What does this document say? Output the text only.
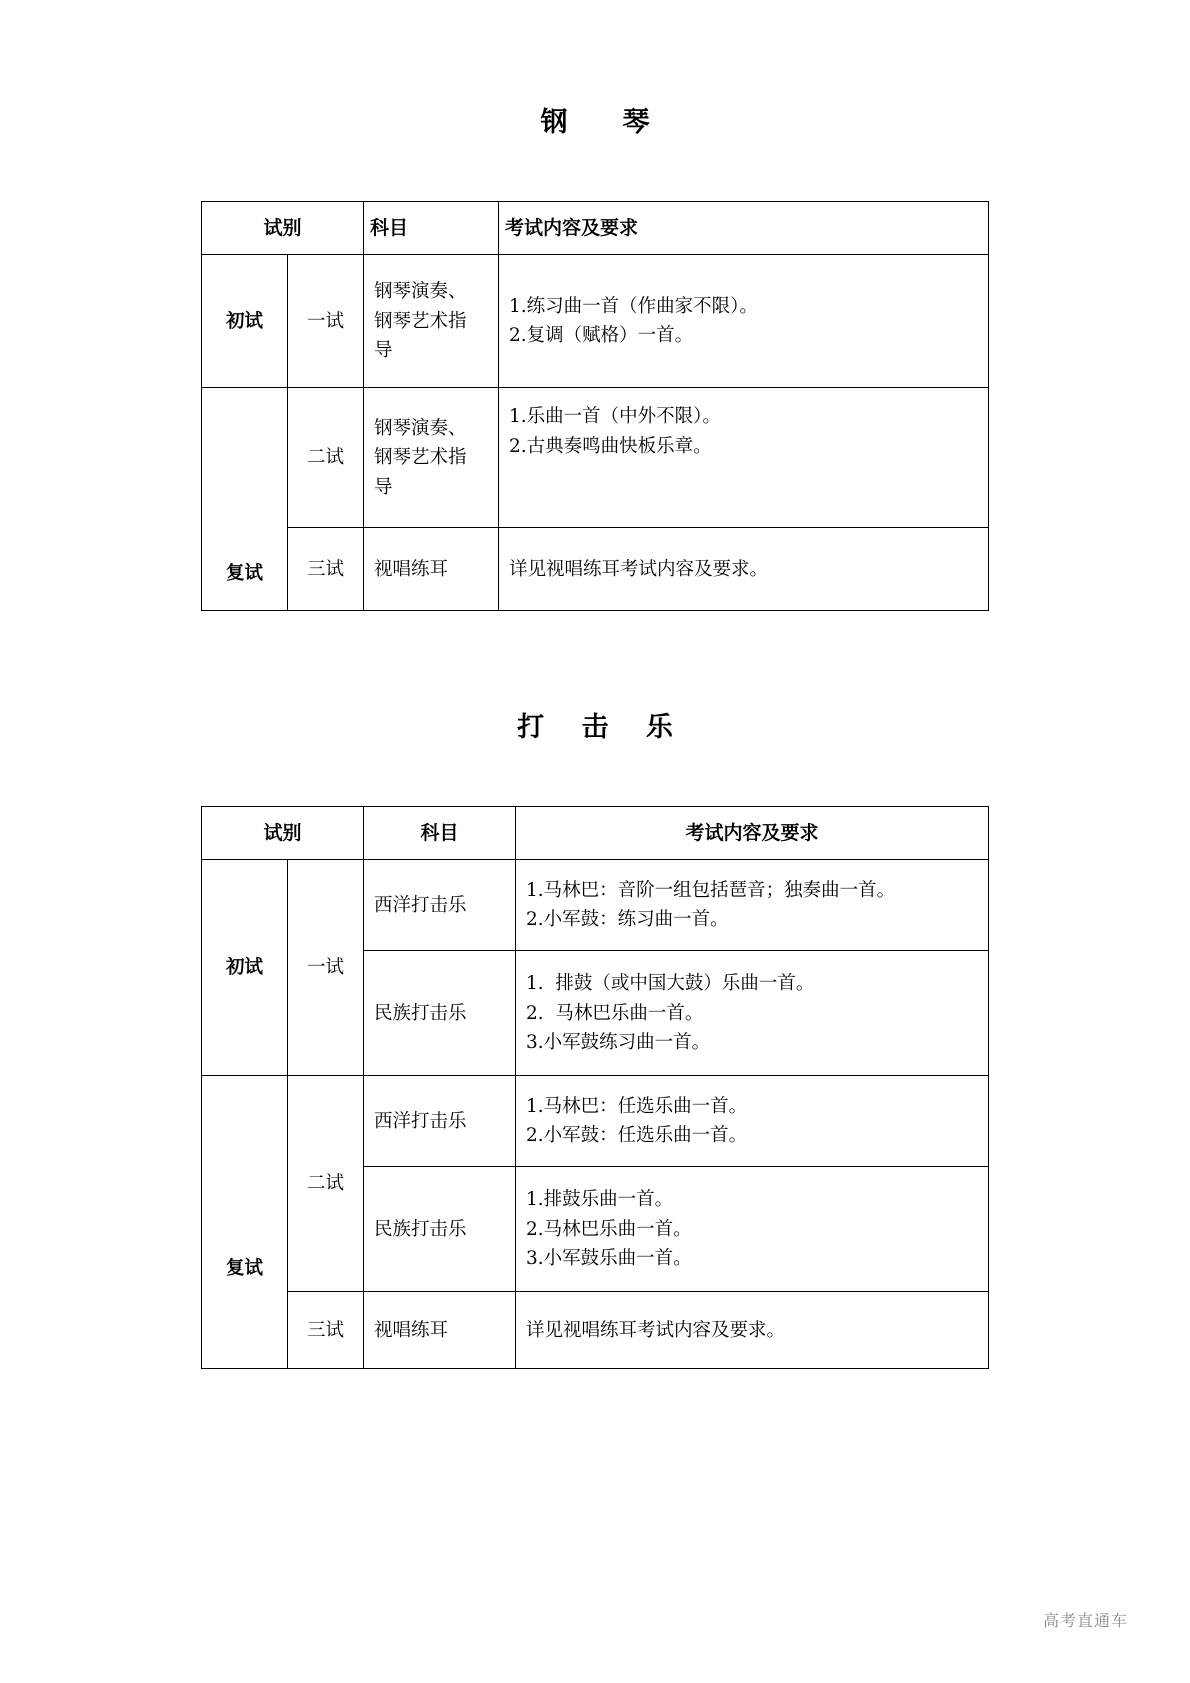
钢　琴
试别		科目	考试内容及要求
初试	一试	钢琴演奏、
钢琴艺术指
导	1.练习曲一首（作曲家不限）。
2.复调（赋格）一首。

复试	二试	钢琴演奏、
钢琴艺术指
导	1.乐曲一首（中外不限）。
2.古典奏鸣曲快板乐章。

	三试	视唱练耳	详见视唱练耳考试内容及要求。
打 击 乐
试别		科目	考试内容及要求
初试	一试	西洋打击乐	1.马林巴：音阶一组包括琶音；独奏曲一首。
2.小军鼓：练习曲一首。

		民族打击乐	1.  排鼓（或中国大鼓）乐曲一首。
2.  马林巴乐曲一首。
3.小军鼓练习曲一首。

复试	二试	西洋打击乐	1.马林巴：任选乐曲一首。
2.小军鼓：任选乐曲一首。

		民族打击乐	1.排鼓乐曲一首。
2.马林巴乐曲一首。
3.小军鼓乐曲一首。

	三试	视唱练耳	详见视唱练耳考试内容及要求。
高考直通车
